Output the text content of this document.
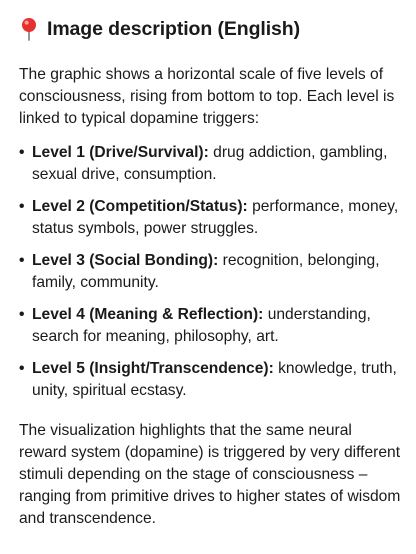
Image description (English)

The graphic shows a horizontal scale of five levels of consciousness, rising from bottom to top. Each level is linked to typical dopamine triggers:

• Level 1 (Drive/Survival): drug addiction, gambling, sexual drive, consumption.
• Level 2 (Competition/Status): performance, money, status symbols, power struggles.
• Level 3 (Social Bonding): recognition, belonging, family, community.
• Level 4 (Meaning & Reflection): understanding, search for meaning, philosophy, art.
• Level 5 (Insight/Transcendence): knowledge, truth, unity, spiritual ecstasy.

The visualization highlights that the same neural reward system (dopamine) is triggered by very different stimuli depending on the stage of consciousness – ranging from primitive drives to higher states of wisdom and transcendence.
